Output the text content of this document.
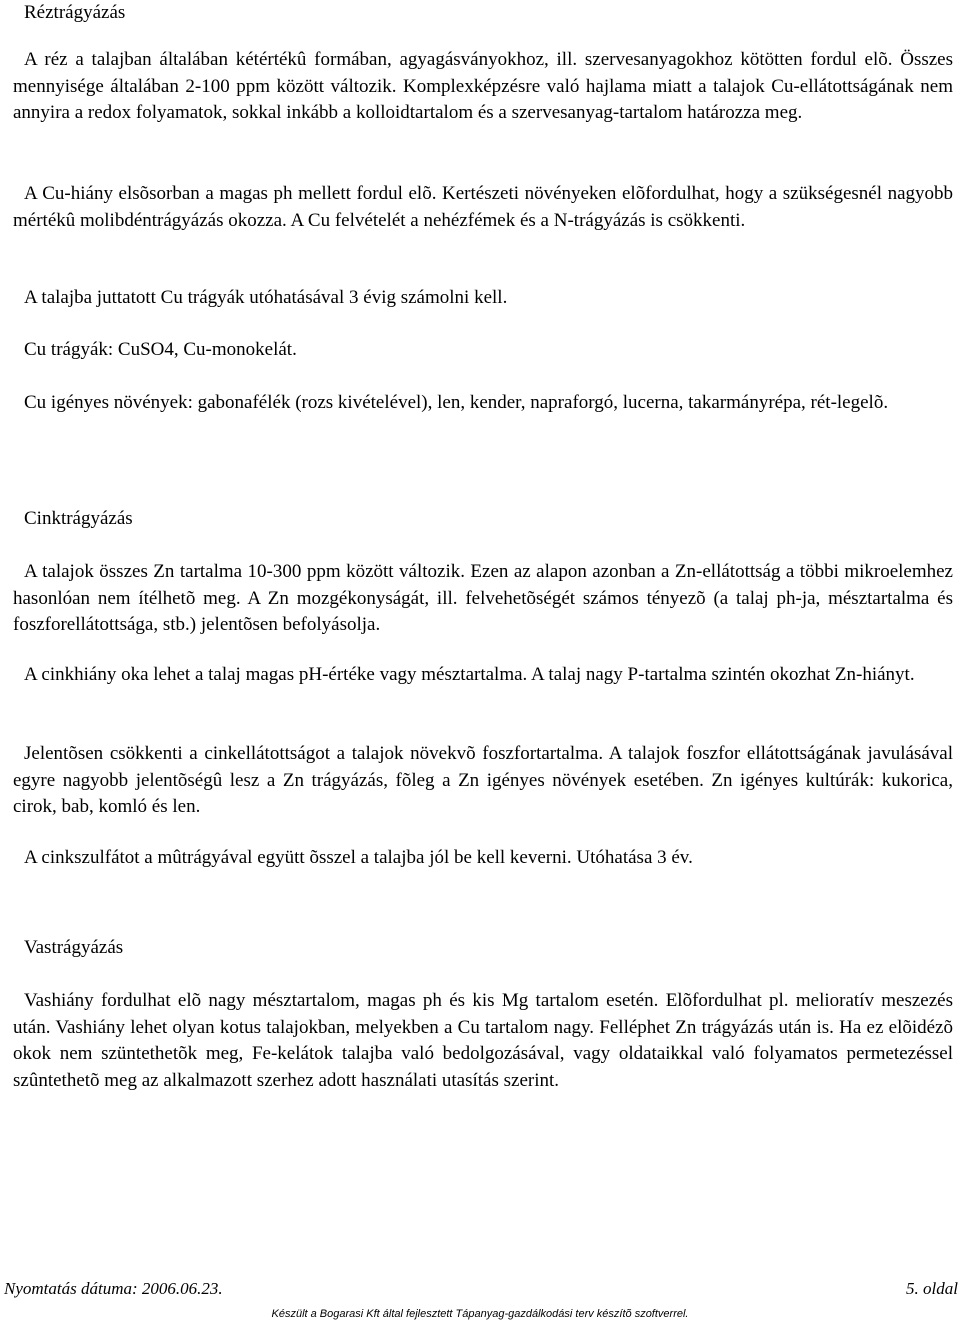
Réztrágyázás
A réz a talajban általában kétértékû formában, agyagásványokhoz, ill. szervesanyagokhoz kötötten fordul elõ. Összes mennyisége általában 2-100 ppm között változik. Komplexképzésre való hajlama miatt a talajok Cu-ellátottságának nem annyira a redox folyamatok, sokkal inkább a kolloidtartalom és a szervesanyag-tartalom határozza meg.
A Cu-hiány elsõsorban a magas ph mellett fordul elõ. Kertészeti növényeken elõfordulhat, hogy a szükségesnél nagyobb mértékû molibdéntrágyázás okozza. A Cu felvételét a nehézfémek és a N-trágyázás is csökkenti.
A talajba juttatott Cu trágyák utóhatásával 3 évig számolni kell.
Cu trágyák: CuSO4, Cu-monokelát.
Cu igényes növények: gabonafélék (rozs kivételével), len, kender, napraforgó, lucerna, takarmányrépa, rét-legelõ.
Cinktrágyázás
A talajok összes Zn tartalma 10-300 ppm között változik. Ezen az alapon azonban a Zn-ellátottság a többi mikroelemhez hasonlóan nem ítélhetõ meg. A Zn mozgékonyságát, ill. felvehetõségét számos tényezõ (a talaj ph-ja, mésztartalma és foszforellátottsága, stb.) jelentõsen befolyásolja.
A cinkhiány oka lehet a talaj magas pH-értéke vagy mésztartalma. A talaj nagy P-tartalma szintén okozhat Zn-hiányt.
Jelentõsen csökkenti a cinkellátottságot a talajok növekvõ foszfortartalma. A talajok foszfor ellátottságának javulásával egyre nagyobb jelentõségû lesz a Zn trágyázás, fõleg a Zn igényes növények esetében. Zn igényes kultúrák: kukorica, cirok, bab, komló és len.
A cinkszulfátot a mûtrágyával együtt õsszel a talajba jól be kell keverni. Utóhatása 3 év.
Vastrágyázás
Vashiány fordulhat elõ nagy mésztartalom, magas ph és kis Mg tartalom esetén. Elõfordulhat pl. melioratív meszezés után. Vashiány lehet olyan kotus talajokban, melyekben a Cu tartalom nagy. Felléphet Zn trágyázás után is. Ha ez elõidézõ okok nem szüntethetõk meg, Fe-kelátok talajba való bedolgozásával, vagy oldataikkal való folyamatos permetezéssel szûntethetõ meg az alkalmazott szerhez adott használati utasítás szerint.
Nyomtatás dátuma: 2006.06.23.	5. oldal
Készült a Bogarasi Kft által fejlesztett Tápanyag-gazdálkodási terv készítõ szoftverrel.
